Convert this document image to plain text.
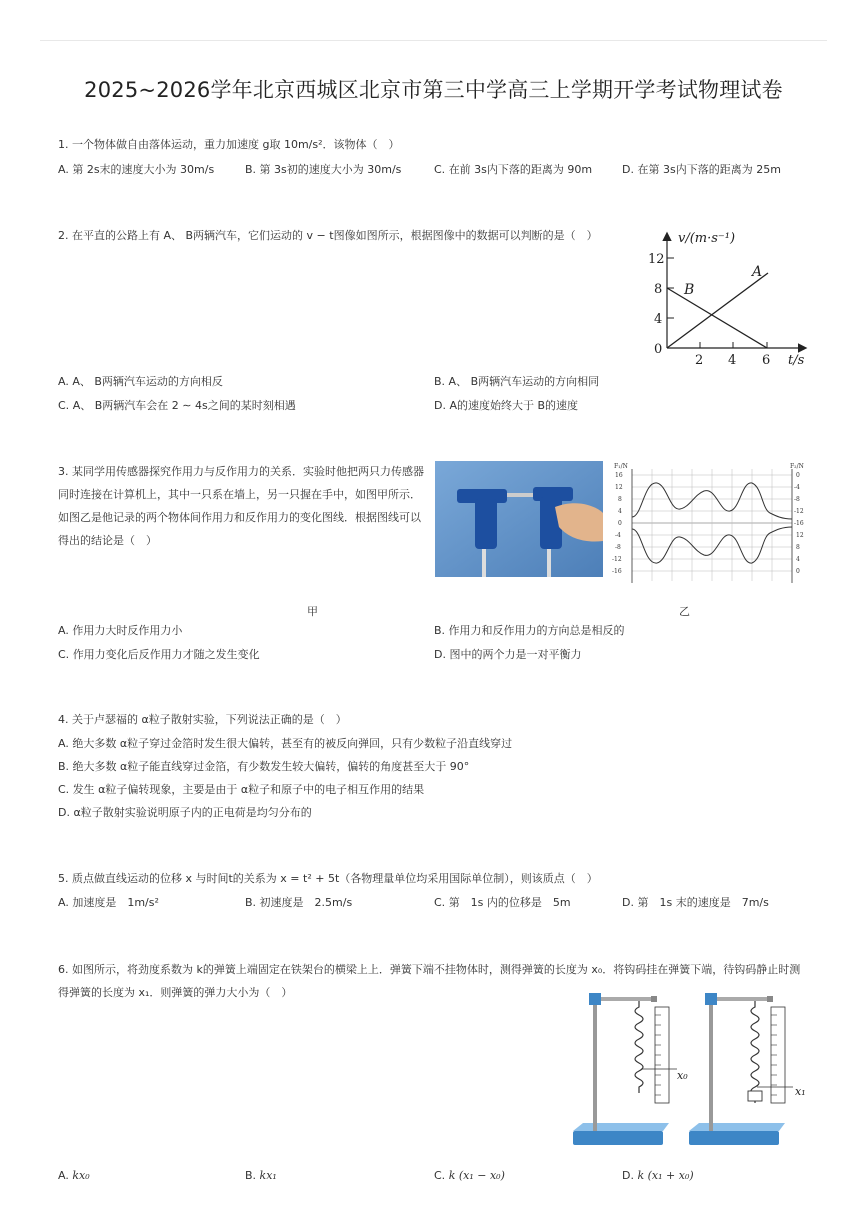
2025~2026学年北京西城区北京市第三中学高三上学期开学考试物理试卷
1. 一个物体做自由落体运动，重力加速度 g取 10m/s²．该物体（　）
A. 第 2s末的速度大小为 30m/s	B. 第 3s初的速度大小为 30m/s	C. 在前 3s内下落的距离为 90m	D. 在第 3s内下落的距离为 25m
2. 在平直的公路上有 A、 B两辆汽车，它们运动的 v − t图像如图所示，根据图像中的数据可以判断的是（　）	v/(m·s⁻¹)
12
8
4
0
2 4 6 t/s
A
B
A. A、 B两辆汽车运动的方向相反	B. A、 B两辆汽车运动的方向相同
C. A、 B两辆汽车会在 2 ∼ 4s之间的某时刻相遇	D. A的速度始终大于 B的速度
3. 某同学用传感器探究作用力与反作用力的关系．实验时他把两只力传感器同时连接在计算机上，其中一只系在墙上，另一只握在手中，如图甲所示．如图乙是他记录的两个物体间作用力和反作用力的变化图线．根据图线可以得出的结论是（　）
F₁/N	F₂/N
16
12
8
4
0
-4
-8
-12
-16
0
-4
-8
-12
-16
12
8
4
0
甲	乙
A. 作用力大时反作用力小	B. 作用力和反作用力的方向总是相反的
C. 作用力变化后反作用力才随之发生变化	D. 图中的两个力是一对平衡力
4. 关于卢瑟福的 α粒子散射实验，下列说法正确的是（　）
A. 绝大多数 α粒子穿过金箔时发生很大偏转，甚至有的被反向弹回，只有少数粒子沿直线穿过
B. 绝大多数 α粒子能直线穿过金箔，有少数发生较大偏转，偏转的角度甚至大于 90°
C. 发生 α粒子偏转现象，主要是由于 α粒子和原子中的电子相互作用的结果
D. α粒子散射实验说明原子内的正电荷是均匀分布的
5. 质点做直线运动的位移 x 与时间t的关系为 x = t² + 5t（各物理量单位均采用国际单位制），则该质点（　）
A. 加速度是　1m/s²	B. 初速度是　2.5m/s	C. 第　1s 内的位移是　5m	D. 第　1s 末的速度是　7m/s
6. 如图所示，将劲度系数为 k的弹簧上端固定在铁架台的横梁上上．弹簧下端不挂物体时，测得弹簧的长度为 x₀．将钩码挂在弹簧下端，待钩码静止时测得弹簧的长度为 x₁．则弹簧的弹力大小为（　）
x₀
x₁
A. kx₀	B. kx₁	C. k (x₁ − x₀)	D. k (x₁ + x₀)
